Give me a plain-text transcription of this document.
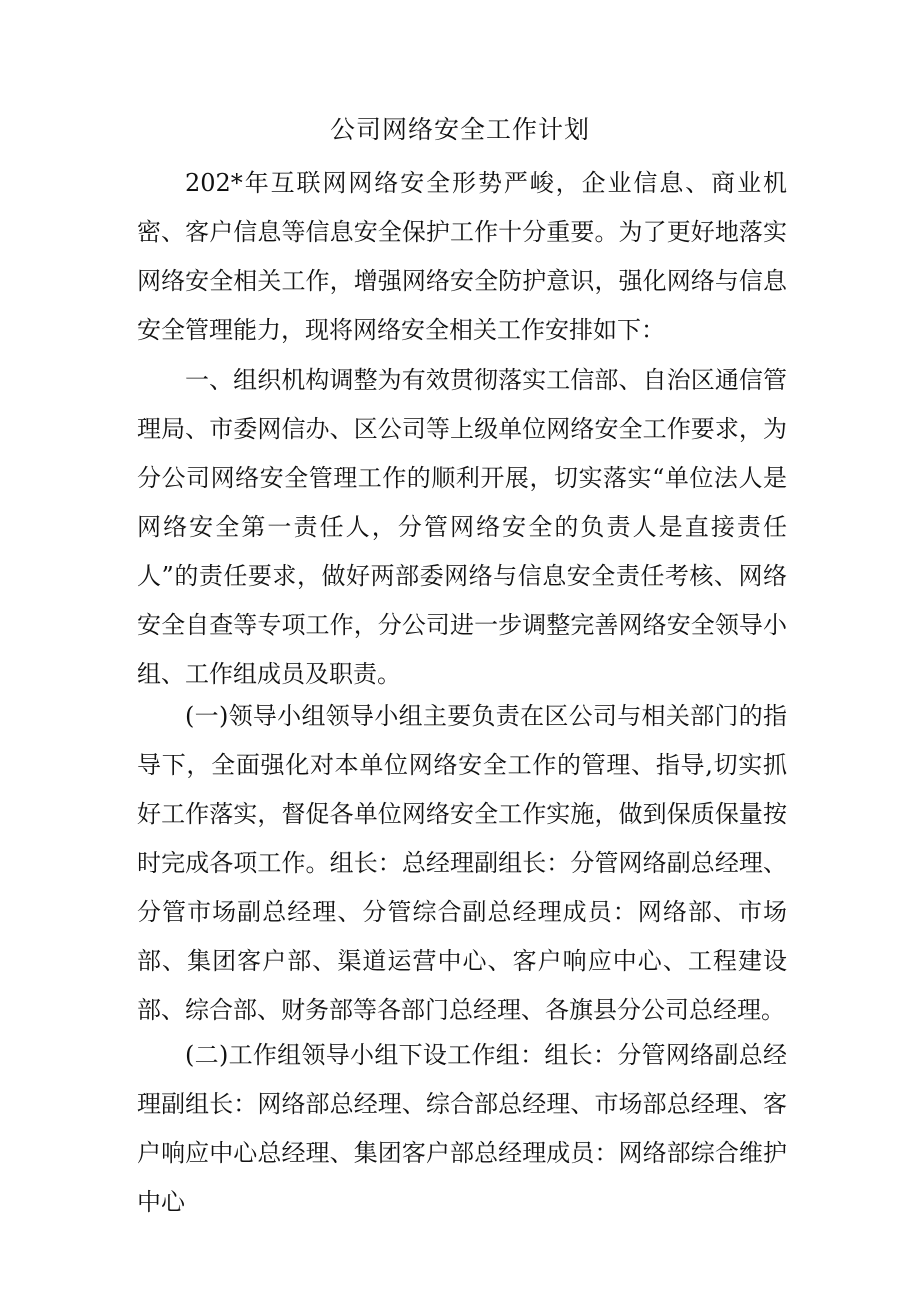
公司网络安全工作计划

202*年互联网网络安全形势严峻，企业信息、商业机密、客户信息等信息安全保护工作十分重要。为了更好地落实网络安全相关工作，增强网络安全防护意识，强化网络与信息安全管理能力，现将网络安全相关工作安排如下：

一、组织机构调整为有效贯彻落实工信部、自治区通信管理局、市委网信办、区公司等上级单位网络安全工作要求，为分公司网络安全管理工作的顺利开展，切实落实“单位法人是网络安全第一责任人，分管网络安全的负责人是直接责任人”的责任要求，做好两部委网络与信息安全责任考核、网络安全自查等专项工作，分公司进一步调整完善网络安全领导小组、工作组成员及职责。

(一)领导小组领导小组主要负责在区公司与相关部门的指导下，全面强化对本单位网络安全工作的管理、指导,切实抓好工作落实，督促各单位网络安全工作实施，做到保质保量按时完成各项工作。组长：总经理副组长：分管网络副总经理、分管市场副总经理、分管综合副总经理成员：网络部、市场部、集团客户部、渠道运营中心、客户响应中心、工程建设部、综合部、财务部等各部门总经理、各旗县分公司总经理。

(二)工作组领导小组下设工作组：组长：分管网络副总经理副组长：网络部总经理、综合部总经理、市场部总经理、客户响应中心总经理、集团客户部总经理成员：网络部综合维护中心
